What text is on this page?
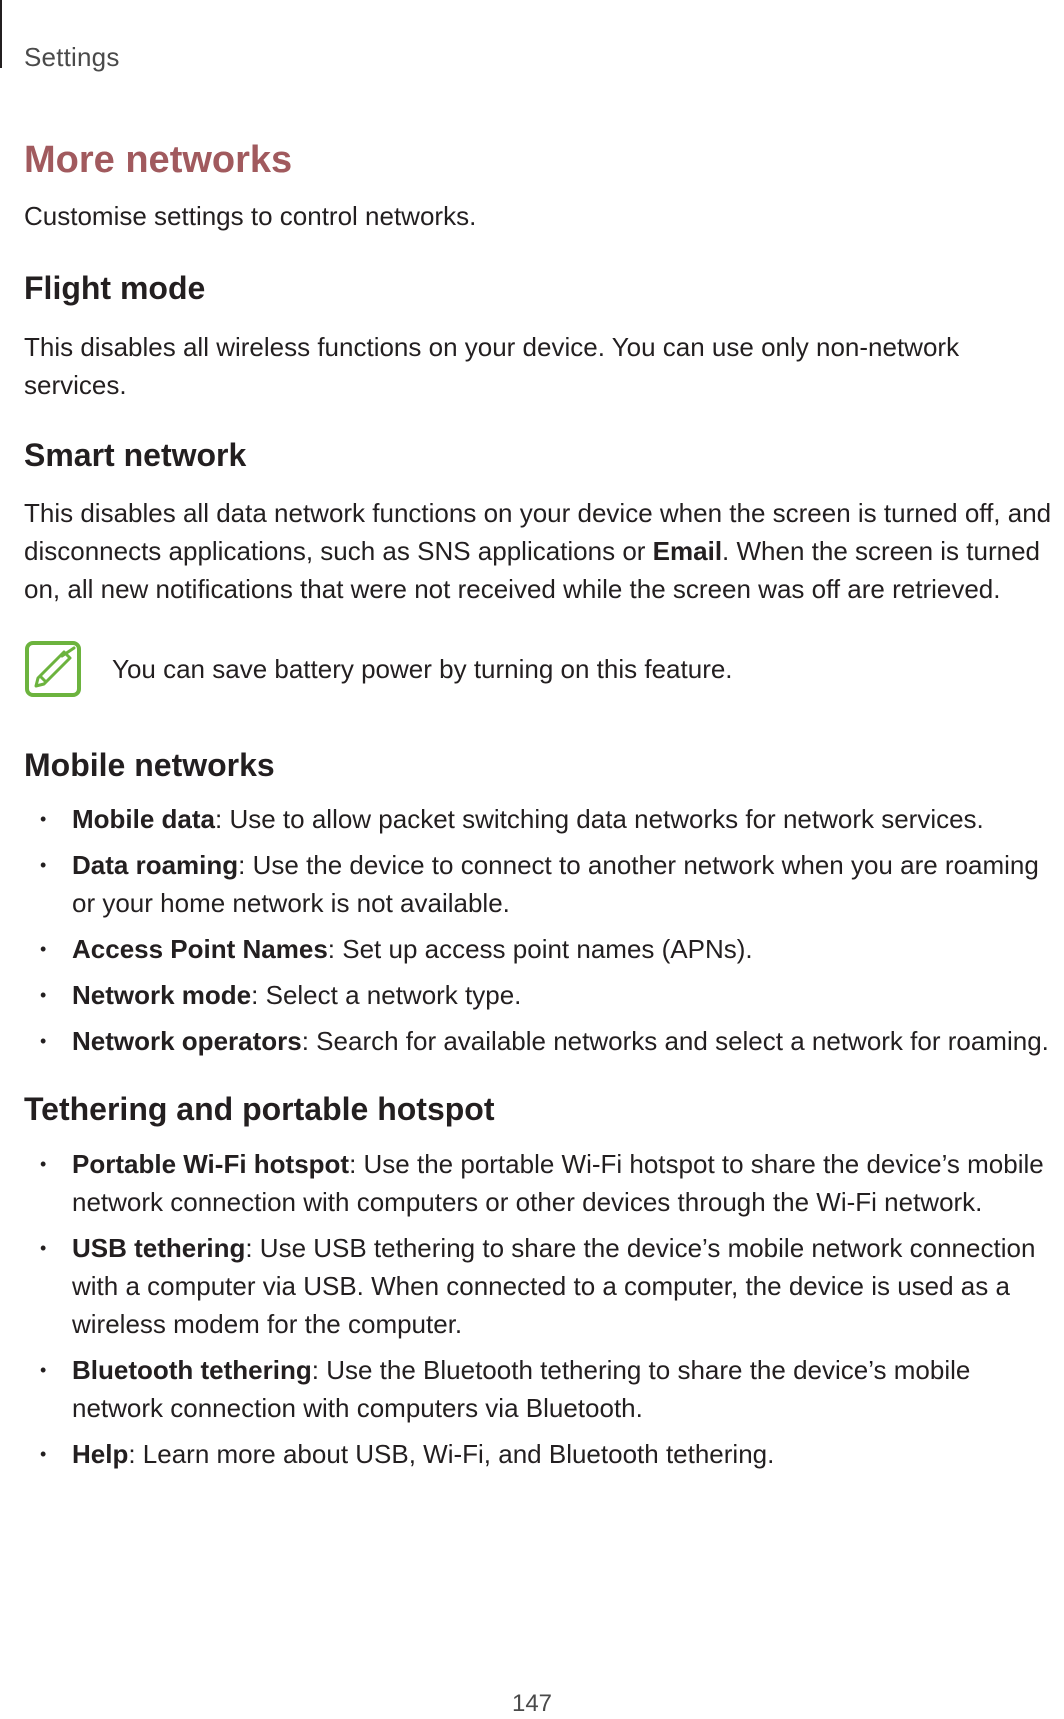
Settings
More networks

Customise settings to control networks.

Flight mode

This disables all wireless functions on your device. You can use only non-network services.

Smart network

This disables all data network functions on your device when the screen is turned off, and disconnects applications, such as SNS applications or Email. When the screen is turned on, all new notifications that were not received while the screen was off are retrieved.

You can save battery power by turning on this feature.
Mobile networks
• Mobile data: Use to allow packet switching data networks for network services.
• Data roaming: Use the device to connect to another network when you are roaming or your home network is not available.
• Access Point Names: Set up access point names (APNs).
• Network mode: Select a network type.
• Network operators: Search for available networks and select a network for roaming.
Tethering and portable hotspot
• Portable Wi-Fi hotspot: Use the portable Wi-Fi hotspot to share the device’s mobile network connection with computers or other devices through the Wi-Fi network.
• USB tethering: Use USB tethering to share the device’s mobile network connection with a computer via USB. When connected to a computer, the device is used as a wireless modem for the computer.
• Bluetooth tethering: Use the Bluetooth tethering to share the device’s mobile network connection with computers via Bluetooth.
• Help: Learn more about USB, Wi-Fi, and Bluetooth tethering.
147
